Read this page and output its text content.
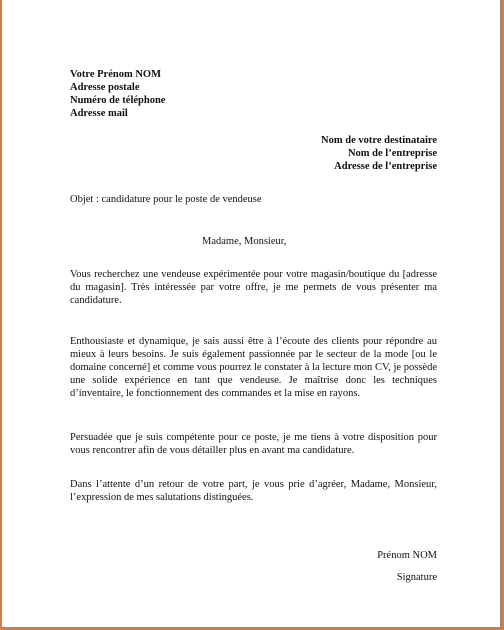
Votre Prénom NOM
Adresse postale
Numéro de téléphone
Adresse mail
Nom de votre destinataire
Nom de l’entreprise
Adresse de l’entreprise

Objet : candidature pour le poste de vendeuse

Madame, Monsieur,

Vous recherchez une vendeuse expérimentée pour votre magasin/boutique du [adresse du magasin]. Très intéressée par votre offre, je me permets de vous présenter ma candidature.

Enthousiaste et dynamique, je sais aussi être à l’écoute des clients pour répondre au mieux à leurs besoins. Je suis également passionnée par le secteur de la mode [ou le domaine concerné] et comme vous pourrez le constater à la lecture mon CV, je possède une solide expérience en tant que vendeuse. Je maîtrise donc les techniques d’inventaire, le fonctionnement des commandes et la mise en rayons.

Persuadée que je suis compétente pour ce poste, je me tiens à votre disposition pour vous rencontrer afin de vous détailler plus en avant ma candidature.

Dans l’attente d’un retour de votre part, je vous prie d’agréer, Madame, Monsieur, l’expression de mes salutations distinguées.

Prénom NOM

Signature
